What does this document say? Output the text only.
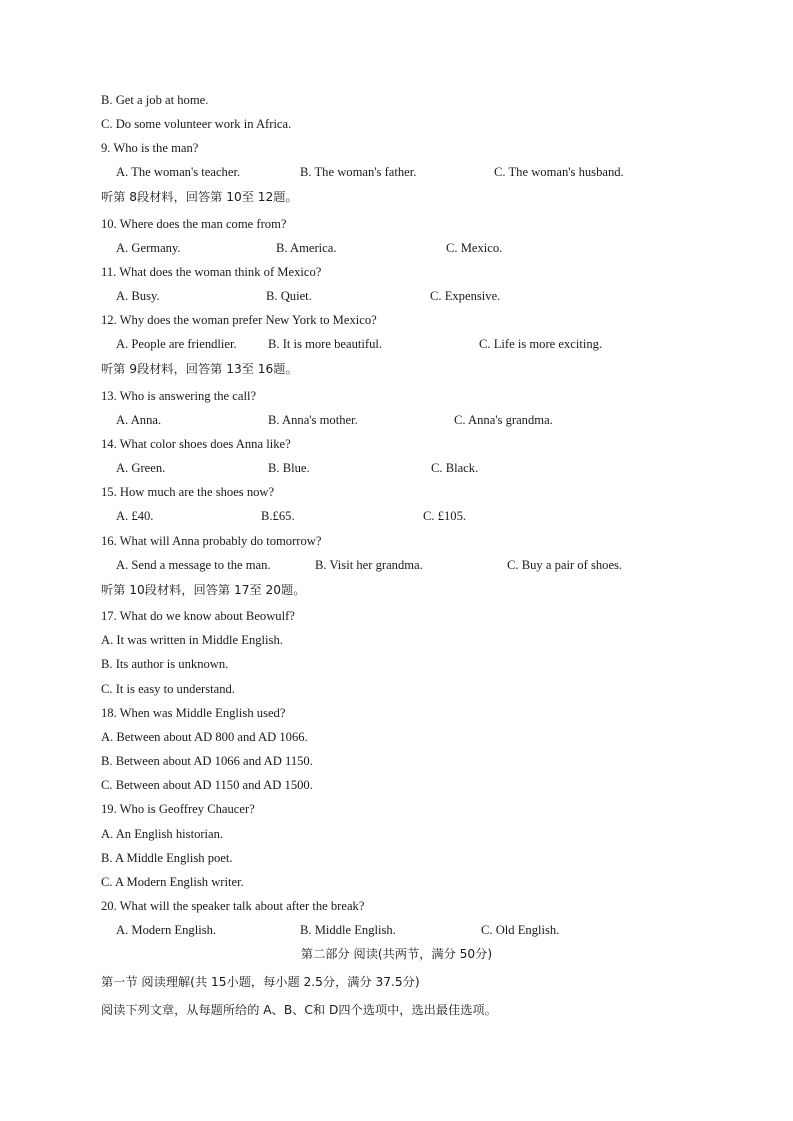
B. Get a job at home.
C. Do some volunteer work in Africa.
9. Who is the man?
A. The woman's teacher.	B. The woman's father.	C. The woman's husband.
听第 8段材料，回答第 10至 12题。
10. Where does the man come from?
A. Germany.	B. America.	C. Mexico.
11. What does the woman think of Mexico?
A. Busy.	B. Quiet.	C. Expensive.
12. Why does the woman prefer New York to Mexico?
A. People are friendlier. B. It is more beautiful.	C. Life is more exciting.
听第 9段材料，回答第 13至 16题。
13. Who is answering the call?
A. Anna.	B. Anna's mother.	C. Anna's grandma.
14. What color shoes does Anna like?
A. Green.	B. Blue.	C. Black.
15. How much are the shoes now?
A. £40.	B.£65.	C. £105.
16. What will Anna probably do tomorrow?
A. Send a message to the man.	B. Visit her grandma.	C. Buy a pair of shoes.
听第 10段材料，回答第 17至 20题。
17. What do we know about Beowulf?
A. It was written in Middle English.
B. Its author is unknown.
C. It is easy to understand.
18. When was Middle English used?
A. Between about AD 800 and AD 1066.
B. Between about AD 1066 and AD 1150.
C. Between about AD 1150 and AD 1500.
19. Who is Geoffrey Chaucer?
A. An English historian.
B. A Middle English poet.
C. A Modern English writer.
20. What will the speaker talk about after the break?
A. Modern English.	B. Middle English.	C. Old English.
第二部分 阅读(共两节，满分 50分)
第一节 阅读理解(共 15小题，每小题 2.5分，满分 37.5分)
阅读下列文章，从每题所给的 A、B、C和 D四个选项中，选出最佳选项。
